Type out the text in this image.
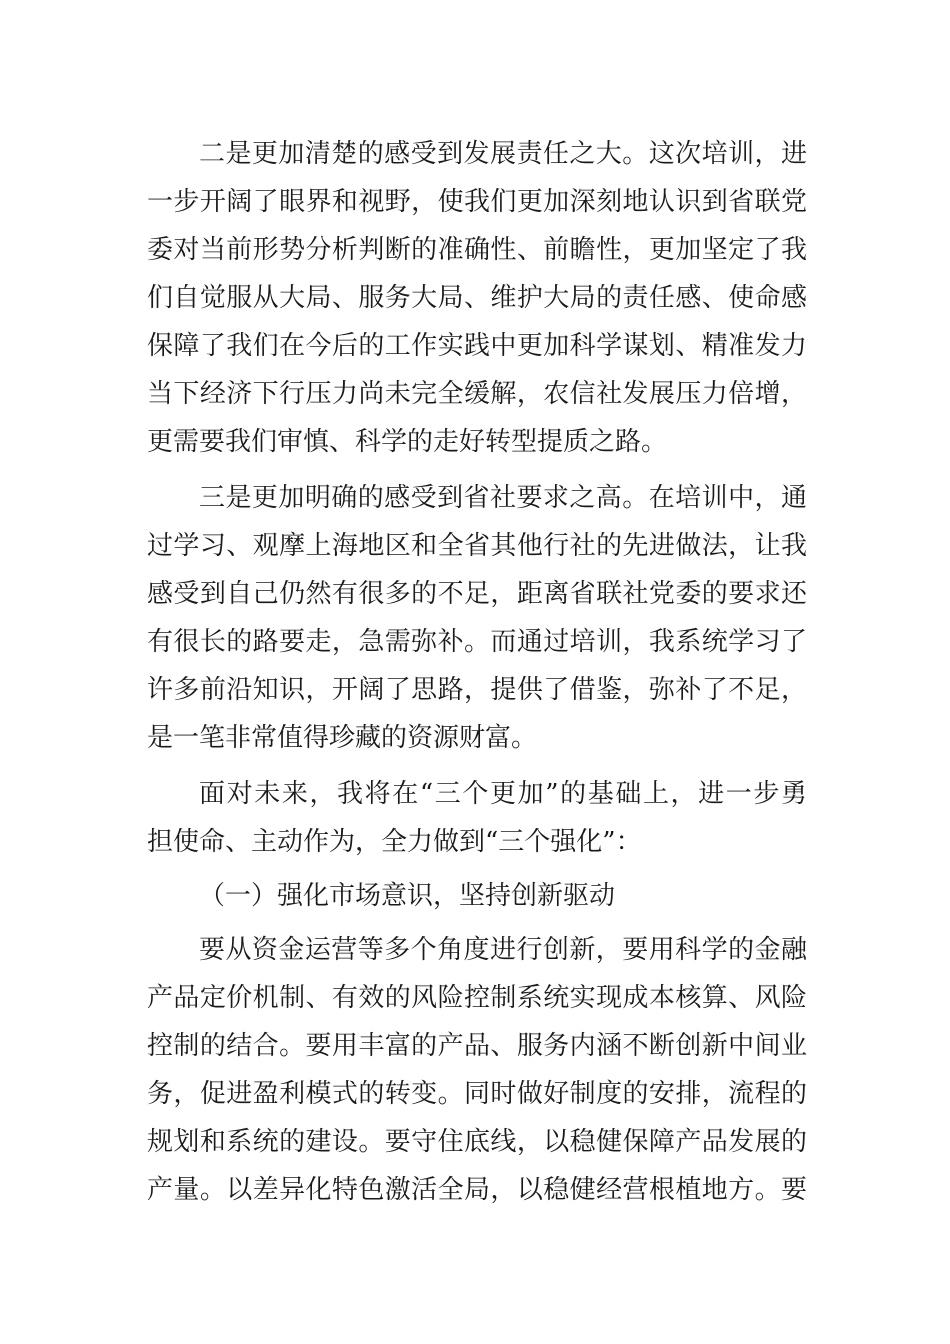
二是更加清楚的感受到发展责任之大。这次培训，进
一步开阔了眼界和视野，使我们更加深刻地认识到省联党
委对当前形势分析判断的准确性、前瞻性，更加坚定了我
们自觉服从大局、服务大局、维护大局的责任感、使命感
保障了我们在今后的工作实践中更加科学谋划、精准发力
当下经济下行压力尚未完全缓解，农信社发展压力倍增，
更需要我们审慎、科学的走好转型提质之路。
三是更加明确的感受到省社要求之高。在培训中，通
过学习、观摩上海地区和全省其他行社的先进做法，让我
感受到自己仍然有很多的不足，距离省联社党委的要求还
有很长的路要走，急需弥补。而通过培训，我系统学习了
许多前沿知识，开阔了思路，提供了借鉴，弥补了不足，
是一笔非常值得珍藏的资源财富。
面对未来，我将在“三个更加”的基础上，进一步勇
担使命、主动作为，全力做到“三个强化”：
（一）强化市场意识，坚持创新驱动
要从资金运营等多个角度进行创新，要用科学的金融
产品定价机制、有效的风险控制系统实现成本核算、风险
控制的结合。要用丰富的产品、服务内涵不断创新中间业
务，促进盈利模式的转变。同时做好制度的安排，流程的
规划和系统的建设。要守住底线，以稳健保障产品发展的
产量。以差异化特色激活全局，以稳健经营根植地方。要
